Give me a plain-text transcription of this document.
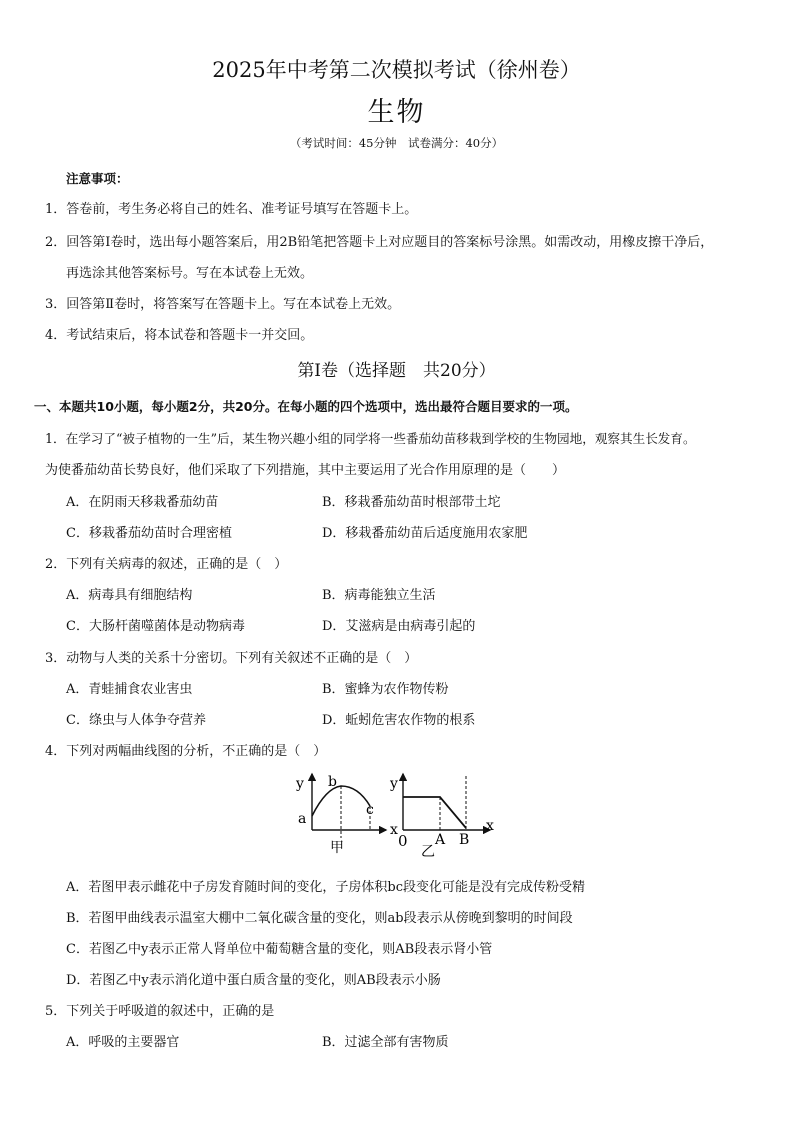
2025年中考第二次模拟考试（徐州卷）
生物
（考试时间：45分钟　试卷满分：40分）
注意事项：
1．答卷前，考生务必将自己的姓名、准考证号填写在答题卡上。
2．回答第Ⅰ卷时，选出每小题答案后，用2B铅笔把答题卡上对应题目的答案标号涂黑。如需改动，用橡皮擦干净后，
再选涂其他答案标号。写在本试卷上无效。
3．回答第Ⅱ卷时，将答案写在答题卡上。写在本试卷上无效。
4．考试结束后，将本试卷和答题卡一并交回。
第Ⅰ卷（选择题　共20分）
一、本题共10小题，每小题2分，共20分。在每小题的四个选项中，选出最符合题目要求的一项。
1．在学习了“被子植物的一生”后，某生物兴趣小组的同学将一些番茄幼苗移栽到学校的生物园地，观察其生长发育。
为使番茄幼苗长势良好，他们采取了下列措施，其中主要运用了光合作用原理的是（　　）
A．在阴雨天移栽番茄幼苗	B．移栽番茄幼苗时根部带土坨
C．移栽番茄幼苗时合理密植	D．移栽番茄幼苗后适度施用农家肥
2．下列有关病毒的叙述，正确的是（　）
A．病毒具有细胞结构	B．病毒能独立生活
C．大肠杆菌噬菌体是动物病毒	D．艾滋病是由病毒引起的
3．动物与人类的关系十分密切。下列有关叙述不正确的是（　）
A．青蛙捕食农业害虫	B．蜜蜂为农作物传粉
C．绦虫与人体争夺营养	D．蚯蚓危害农作物的根系
4．下列对两幅曲线图的分析，不正确的是（　）
y
x
a
b
c
甲
y
x
0 A B
乙
A．若图甲表示雌花中子房发育随时间的变化，子房体积bc段变化可能是没有完成传粉受精
B．若图甲曲线表示温室大棚中二氧化碳含量的变化，则ab段表示从傍晚到黎明的时间段
C．若图乙中y表示正常人肾单位中葡萄糖含量的变化，则AB段表示肾小管
D．若图乙中y表示消化道中蛋白质含量的变化，则AB段表示小肠
5．下列关于呼吸道的叙述中，正确的是
A．呼吸的主要器官	B．过滤全部有害物质
